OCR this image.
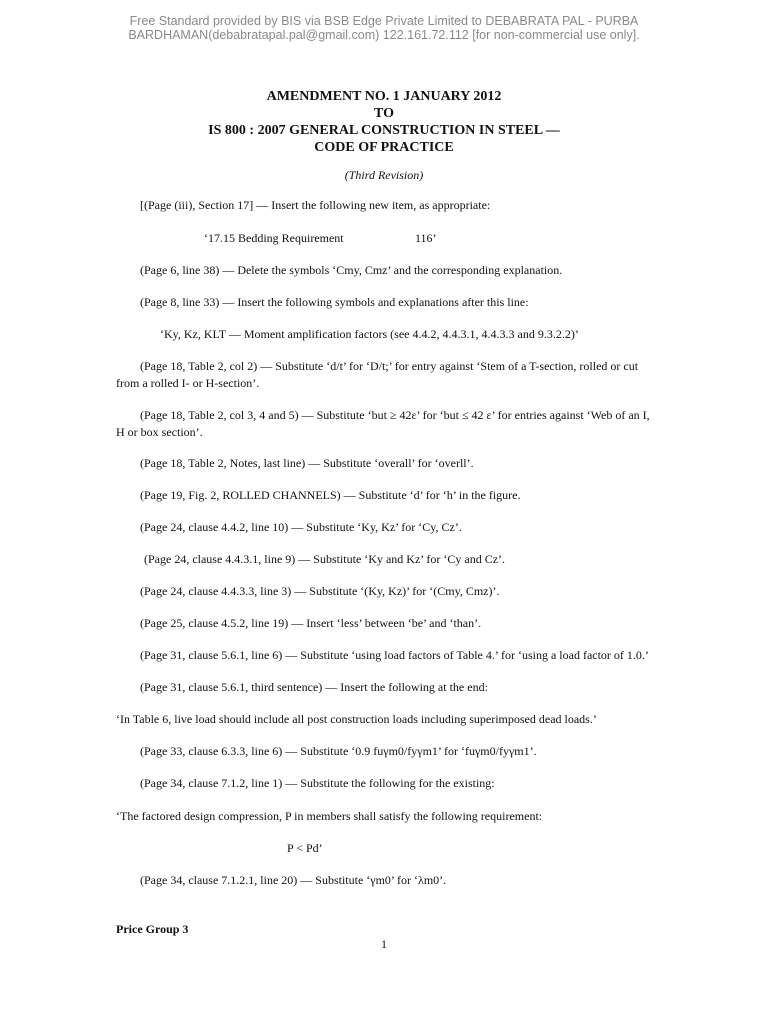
Free Standard provided by BIS via BSB Edge Private Limited to DEBABRATA PAL - PURBA
BARDHAMAN(debabratapal.pal@gmail.com) 122.161.72.112 [for non-commercial use only].
AMENDMENT NO. 1 JANUARY 2012
TO
IS 800 : 2007 GENERAL CONSTRUCTION IN STEEL —
CODE OF PRACTICE
(Third Revision)
[(Page (iii), Section 17] — Insert the following new item, as appropriate:
‘17.15 Bedding Requirement	116’
(Page 6, line 38) — Delete the symbols ‘Cmy, Cmz’ and the corresponding explanation.
(Page 8, line 33) — Insert the following symbols and explanations after this line:
‘Ky, Kz, KLT — Moment amplification factors (see 4.4.2, 4.4.3.1, 4.4.3.3 and 9.3.2.2)’
(Page 18, Table 2, col 2) — Substitute ‘d/t’ for ‘D/t;’ for entry against ‘Stem of a T-section, rolled or cut
from a rolled I- or H-section’.
(Page 18, Table 2, col 3, 4 and 5) — Substitute ‘but ≥ 42ε’ for ‘but ≤ 42 ε’ for entries against ‘Web of an I,
H or box section’.
(Page 18, Table 2, Notes, last line) — Substitute ‘overall’ for ‘overll’.
(Page 19, Fig. 2, ROLLED CHANNELS) — Substitute ‘d’ for ‘h’ in the figure.
(Page 24, clause 4.4.2, line 10) — Substitute ‘Ky, Kz’ for ‘Cy, Cz’.
(Page 24, clause 4.4.3.1, line 9) — Substitute ‘Ky and Kz’ for ‘Cy and Cz’.
(Page 24, clause 4.4.3.3, line 3) — Substitute ‘(Ky, Kz)’ for ‘(Cmy, Cmz)’.
(Page 25, clause 4.5.2, line 19) — Insert ‘less’ between ‘be’ and ‘than’.
(Page 31, clause 5.6.1, line 6) — Substitute ‘using load factors of Table 4.’ for ‘using a load factor of 1.0.’
(Page 31, clause 5.6.1, third sentence) — Insert the following at the end:
‘In Table 6, live load should include all post construction loads including superimposed dead loads.’
(Page 33, clause 6.3.3, line 6) — Substitute ‘0.9 fuγm0/fyγm1’ for ‘fuγm0/fyγm1’.
(Page 34, clause 7.1.2, line 1) — Substitute the following for the existing:
‘The factored design compression, P in members shall satisfy the following requirement:
P < Pd’
(Page 34, clause 7.1.2.1, line 20) — Substitute ‘γm0’ for ‘λm0’.
Price Group 3
1
